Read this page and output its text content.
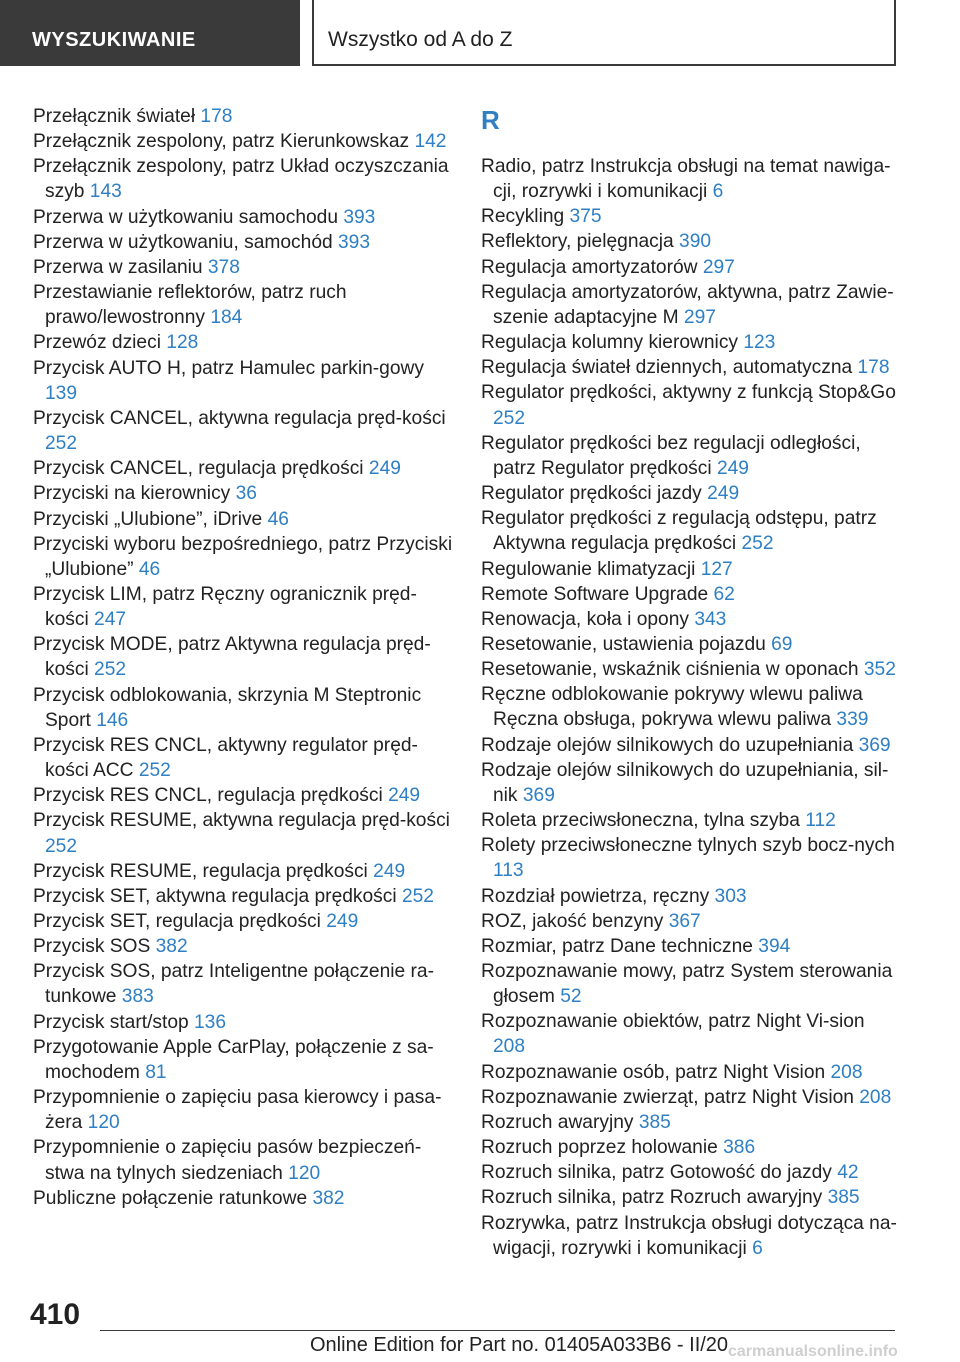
WYSZUKIWANIE	Wszystko od A do Z
Przełącznik świateł 178
Przełącznik zespolony, patrz Kierunkowskaz 142
Przełącznik zespolony, patrz Układ oczyszczania szyb 143
Przerwa w użytkowaniu samochodu 393
Przerwa w użytkowaniu, samochód 393
Przerwa w zasilaniu 378
Przestawianie reflektorów, patrz ruch prawo/lewostronny 184
Przewóz dzieci 128
Przycisk AUTO H, patrz Hamulec parkin-gowy 139
Przycisk CANCEL, aktywna regulacja pręd-kości 252
Przycisk CANCEL, regulacja prędkości 249
Przyciski na kierownicy 36
Przyciski „Ulubione”, iDrive 46
Przyciski wyboru bezpośredniego, patrz Przyciski „Ulubione” 46
Przycisk LIM, patrz Ręczny ogranicznik pręd-kości 247
Przycisk MODE, patrz Aktywna regulacja pręd-kości 252
Przycisk odblokowania, skrzynia M Steptronic Sport 146
Przycisk RES CNCL, aktywny regulator pręd-kości ACC 252
Przycisk RES CNCL, regulacja prędkości 249
Przycisk RESUME, aktywna regulacja pręd-kości 252
Przycisk RESUME, regulacja prędkości 249
Przycisk SET, aktywna regulacja prędkości 252
Przycisk SET, regulacja prędkości 249
Przycisk SOS 382
Przycisk SOS, patrz Inteligentne połączenie ra-tunkowe 383
Przycisk start/stop 136
Przygotowanie Apple CarPlay, połączenie z sa-mochodem 81
Przypomnienie o zapięciu pasa kierowcy i pasa-żera 120
Przypomnienie o zapięciu pasów bezpieczeń-stwa na tylnych siedzeniach 120
Publiczne połączenie ratunkowe 382
R
Radio, patrz Instrukcja obsługi na temat nawiga-cji, rozrywki i komunikacji 6
Recykling 375
Reflektory, pielęgnacja 390
Regulacja amortyzatorów 297
Regulacja amortyzatorów, aktywna, patrz Zawie-szenie adaptacyjne M 297
Regulacja kolumny kierownicy 123
Regulacja świateł dziennych, automatyczna 178
Regulator prędkości, aktywny z funkcją Stop&Go 252
Regulator prędkości bez regulacji odległości, patrz Regulator prędkości 249
Regulator prędkości jazdy 249
Regulator prędkości z regulacją odstępu, patrz Aktywna regulacja prędkości 252
Regulowanie klimatyzacji 127
Remote Software Upgrade 62
Renowacja, koła i opony 343
Resetowanie, ustawienia pojazdu 69
Resetowanie, wskaźnik ciśnienia w oponach 352
Ręczne odblokowanie pokrywy wlewu paliwa Ręczna obsługa, pokrywa wlewu paliwa 339
Rodzaje olejów silnikowych do uzupełniania 369
Rodzaje olejów silnikowych do uzupełniania, sil-nik 369
Roleta przeciwsłoneczna, tylna szyba 112
Rolety przeciwsłoneczne tylnych szyb bocz-nych 113
Rozdział powietrza, ręczny 303
ROZ, jakość benzyny 367
Rozmiar, patrz Dane techniczne 394
Rozpoznawanie mowy, patrz System sterowania głosem 52
Rozpoznawanie obiektów, patrz Night Vi-sion 208
Rozpoznawanie osób, patrz Night Vision 208
Rozpoznawanie zwierząt, patrz Night Vision 208
Rozruch awaryjny 385
Rozruch poprzez holowanie 386
Rozruch silnika, patrz Gotowość do jazdy 42
Rozruch silnika, patrz Rozruch awaryjny 385
Rozrywka, patrz Instrukcja obsługi dotycząca na-wigacji, rozrywki i komunikacji 6
410
Online Edition for Part no. 01405A033B6 - II/20 carmanualsonline.info
